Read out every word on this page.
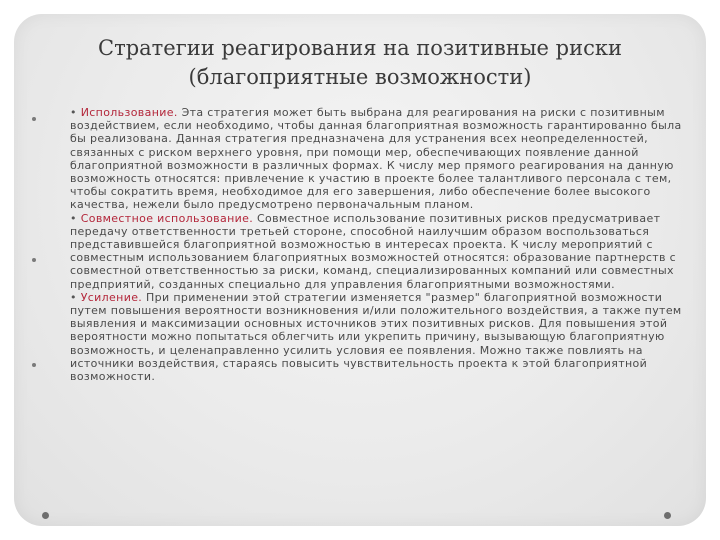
Стратегии реагирования на позитивные риски
(благоприятные возможности)

• Использование. Эта стратегия может быть выбрана для реагирования на риски с позитивным воздействием, если необходимо, чтобы данная благоприятная возможность гарантированно была бы реализована. Данная стратегия предназначена для устранения всех неопределенностей, связанных с риском верхнего уровня, при помощи мер, обеспечивающих появление данной благоприятной возможности в различных формах. К числу мер прямого реагирования на данную возможность относятся: привлечение к участию в проекте более талантливого персонала с тем, чтобы сократить время, необходимое для его завершения, либо обеспечение более высокого качества, нежели было предусмотрено первоначальным планом.

• Совместное использование. Совместное использование позитивных рисков предусматривает передачу ответственности третьей стороне, способной наилучшим образом воспользоваться представившейся благоприятной возможностью в интересах проекта. К числу мероприятий с совместным использованием благоприятных возможностей относятся: образование партнерств с совместной ответственностью за риски, команд, специализированных компаний или совместных предприятий, созданных специально для управления благоприятными возможностями.

• Усиление. При применении этой стратегии изменяется "размер" благоприятной возможности путем повышения вероятности возникновения и/или положительного воздействия, а также путем выявления и максимизации основных источников этих позитивных рисков. Для повышения этой вероятности можно попытаться облегчить или укрепить причину, вызывающую благоприятную возможность, и целенаправленно усилить условия ее появления. Можно также повлиять на источники воздействия, стараясь повысить чувствительность проекта к этой благоприятной возможности.
